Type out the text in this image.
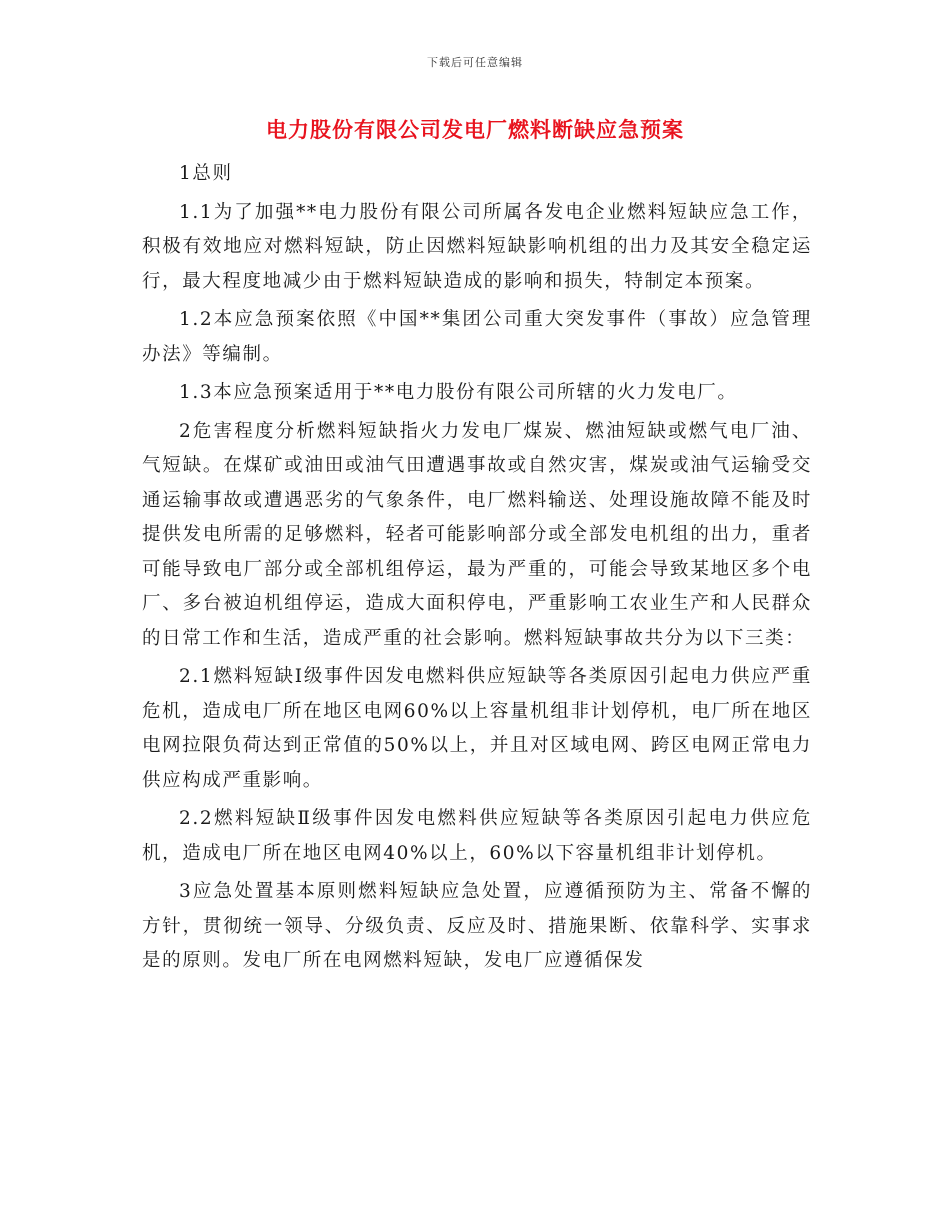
下载后可任意编辑
电力股份有限公司发电厂燃料断缺应急预案

1总则

1.1为了加强**电力股份有限公司所属各发电企业燃料短缺应急工作，积极有效地应对燃料短缺，防止因燃料短缺影响机组的出力及其安全稳定运行，最大程度地减少由于燃料短缺造成的影响和损失，特制定本预案。

1.2本应急预案依照《中国**集团公司重大突发事件（事故）应急管理办法》等编制。

1.3本应急预案适用于**电力股份有限公司所辖的火力发电厂。

2危害程度分析燃料短缺指火力发电厂煤炭、燃油短缺或燃气电厂油、气短缺。在煤矿或油田或油气田遭遇事故或自然灾害，煤炭或油气运输受交通运输事故或遭遇恶劣的气象条件，电厂燃料输送、处理设施故障不能及时提供发电所需的足够燃料，轻者可能影响部分或全部发电机组的出力，重者可能导致电厂部分或全部机组停运，最为严重的，可能会导致某地区多个电厂、多台被迫机组停运，造成大面积停电，严重影响工农业生产和人民群众的日常工作和生活，造成严重的社会影响。燃料短缺事故共分为以下三类：

2.1燃料短缺Ⅰ级事件因发电燃料供应短缺等各类原因引起电力供应严重危机，造成电厂所在地区电网60%以上容量机组非计划停机，电厂所在地区电网拉限负荷达到正常值的50%以上，并且对区域电网、跨区电网正常电力供应构成严重影响。

2.2燃料短缺Ⅱ级事件因发电燃料供应短缺等各类原因引起电力供应危机，造成电厂所在地区电网40%以上，60%以下容量机组非计划停机。

3应急处置基本原则燃料短缺应急处置，应遵循预防为主、常备不懈的方针，贯彻统一领导、分级负责、反应及时、措施果断、依靠科学、实事求是的原则。发电厂所在电网燃料短缺，发电厂应遵循保发
